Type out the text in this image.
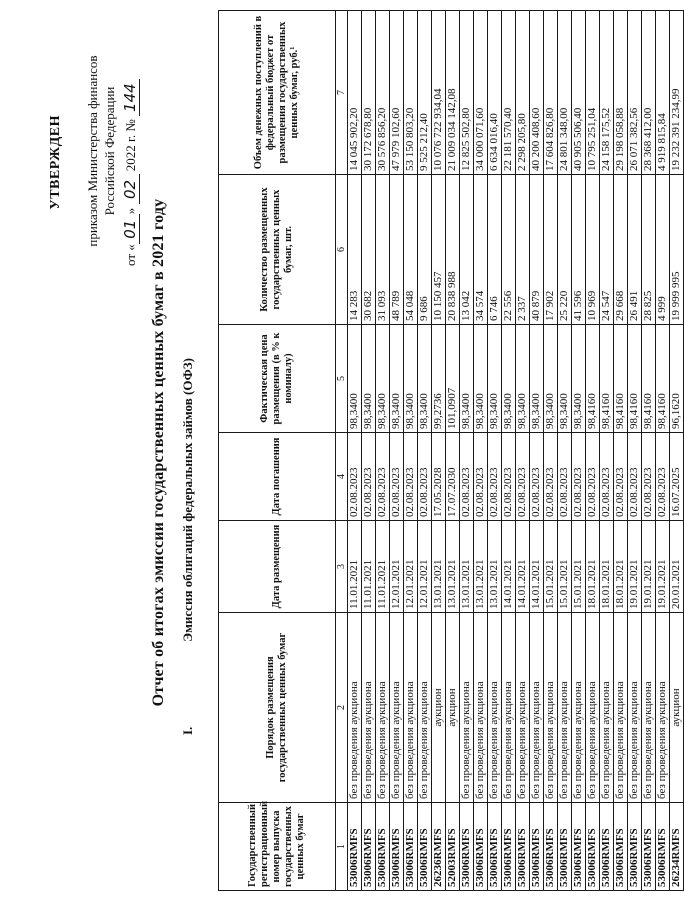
УТВЕРЖДЕН приказом Министерства финансов Российской Федерации
от «01» 02 2022 г. № 144
Отчет об итогах эмиссии государственных ценных бумаг в 2021 году
I. Эмиссия облигаций федеральных займов (ОФЗ)
Государственный регистрационный номер выпуска государственных ценных бумаг	Порядок размещения государственных ценных бумаг	Дата размещения	Дата погашения	Фактическая цена размещения (в % к номиналу)	Количество размещенных государственных ценных бумаг, шт.	Объем денежных поступлений в федеральный бюджет от размещения государственных ценных бумаг, руб.¹
1	2	3	4	5	6	7
53006RMFS	без проведения аукциона	11.01.2021	02.08.2023	98,3400	14 283	14 045 902,20
53006RMFS	без проведения аукциона	11.01.2021	02.08.2023	98,3400	30 682	30 172 678,80
53006RMFS	без проведения аукциона	11.01.2021	02.08.2023	98,3400	31 093	30 576 856,20
53006RMFS	без проведения аукциона	12.01.2021	02.08.2023	98,3400	48 789	47 979 102,60
53006RMFS	без проведения аукциона	12.01.2021	02.08.2023	98,3400	54 048	53 150 803,20
53006RMFS	без проведения аукциона	12.01.2021	02.08.2023	98,3400	9 686	9 525 212,40
26236RMFS	аукцион	13.01.2021	17.05.2028	99,2736	10 150 457	10 076 722 934,04
52003RMFS	аукцион	13.01.2021	17.07.2030	101,0907	20 838 988	21 009 034 142,08
53006RMFS	без проведения аукциона	13.01.2021	02.08.2023	98,3400	13 042	12 825 502,80
53006RMFS	без проведения аукциона	13.01.2021	02.08.2023	98,3400	34 574	34 000 071,60
53006RMFS	без проведения аукциона	13.01.2021	02.08.2023	98,3400	6 746	6 634 016,40
53006RMFS	без проведения аукциона	14.01.2021	02.08.2023	98,3400	22 556	22 181 570,40
53006RMFS	без проведения аукциона	14.01.2021	02.08.2023	98,3400	2 337	2 298 205,80
53006RMFS	без проведения аукциона	14.01.2021	02.08.2023	98,3400	40 879	40 200 408,60
53006RMFS	без проведения аукциона	15.01.2021	02.08.2023	98,3400	17 902	17 604 826,80
53006RMFS	без проведения аукциона	15.01.2021	02.08.2023	98,3400	25 220	24 801 348,00
53006RMFS	без проведения аукциона	15.01.2021	02.08.2023	98,3400	41 596	40 905 506,40
53006RMFS	без проведения аукциона	18.01.2021	02.08.2023	98,4160	10 969	10 795 251,04
53006RMFS	без проведения аукциона	18.01.2021	02.08.2023	98,4160	24 547	24 158 175,52
53006RMFS	без проведения аукциона	18.01.2021	02.08.2023	98,4160	29 668	29 198 058,88
53006RMFS	без проведения аукциона	19.01.2021	02.08.2023	98,4160	26 491	26 071 382,56
53006RMFS	без проведения аукциона	19.01.2021	02.08.2023	98,4160	28 825	28 368 412,00
53006RMFS	без проведения аукциона	19.01.2021	02.08.2023	98,4160	4 999	4 919 815,84
26234RMFS	аукцион	20.01.2021	16.07.2025	96,1620	19 999 995	19 232 391 234,99
